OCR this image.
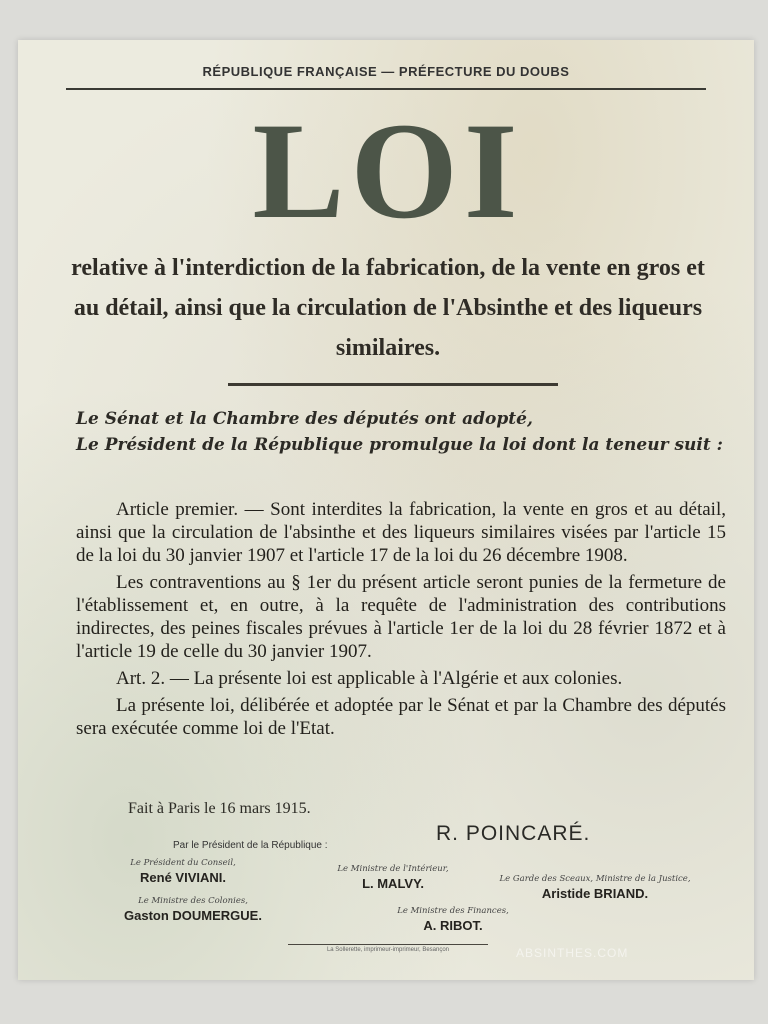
RÉPUBLIQUE FRANÇAISE — PRÉFECTURE DU DOUBS
LOI
relative à l'interdiction de la fabrication, de la vente en gros et au détail, ainsi que la circulation de l'Absinthe et des liqueurs similaires.

Le Sénat et la Chambre des députés ont adopté,

Le Président de la République promulgue la loi dont la teneur suit :

Article premier. — Sont interdites la fabrication, la vente en gros et au détail, ainsi que la circulation de l'absinthe et des liqueurs similaires visées par l'article 15 de la loi du 30 janvier 1907 et l'article 17 de la loi du 26 décembre 1908.

Les contraventions au § 1er du présent article seront punies de la fermeture de l'établissement et, en outre, à la requête de l'administration des contributions indirectes, des peines fiscales prévues à l'article 1er de la loi du 28 février 1872 et à l'article 19 de celle du 30 janvier 1907.

Art. 2. — La présente loi est applicable à l'Algérie et aux colonies.

La présente loi, délibérée et adoptée par le Sénat et par la Chambre des députés sera exécutée comme loi de l'Etat.

Fait à Paris le 16 mars 1915.
Par le Président de la République :
R. POINCARÉ.
Le Président du Conseil,
René VIVIANI.
Le Ministre des Colonies,
Gaston DOUMERGUE.
Le Ministre de l'Intérieur,
L. MALVY.
Le Ministre des Finances,
A. RIBOT.
Le Garde des Sceaux, Ministre de la Justice,
Aristide BRIAND.
La Sollerette, imprimeur-imprimeur, Besançon	ABSINTHES.COM
